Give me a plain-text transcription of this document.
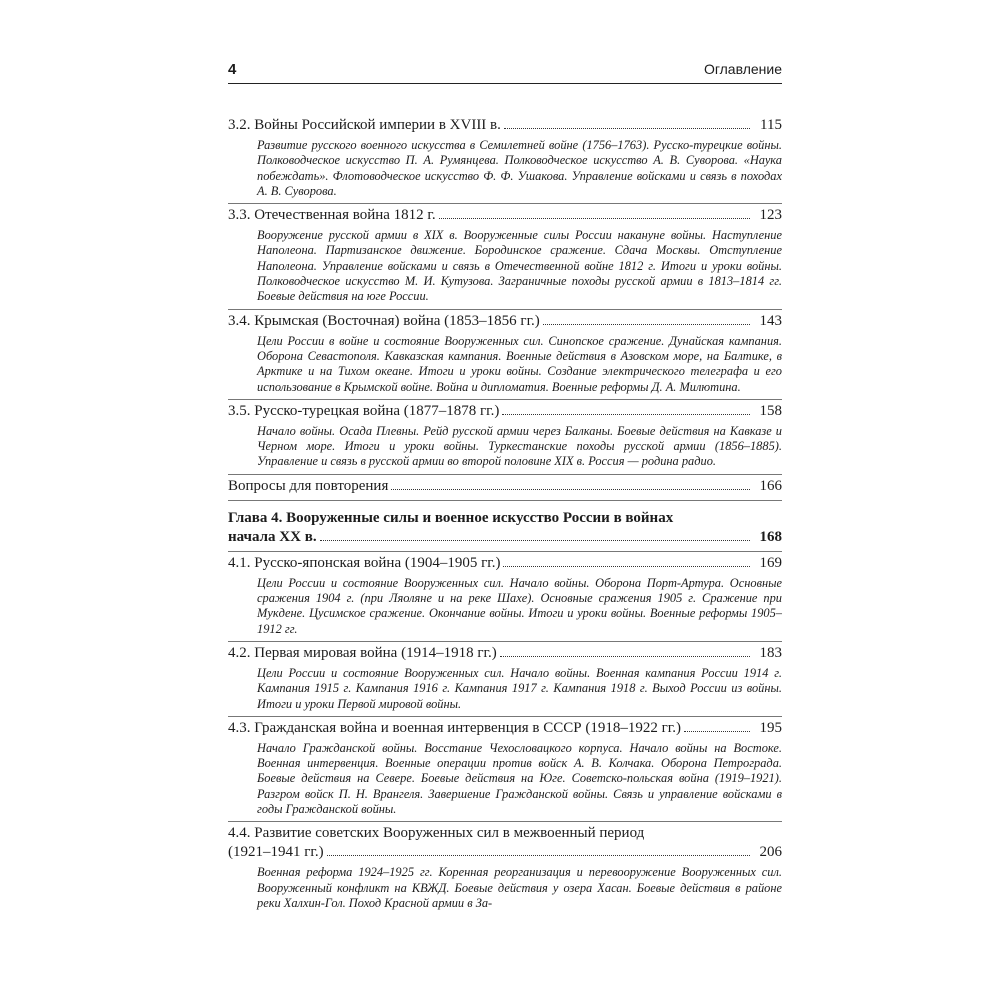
4	Оглавление
3.2. Войны Российской империи в XVIII в.	115
Развитие русского военного искусства в Семилетней войне (1756–1763). Русско-турецкие войны. Полководческое искусство П. А. Румянцева. Полководческое искусство А. В. Суворова. «Наука побеждать». Флотоводческое искусство Ф. Ф. Ушакова. Управление войсками и связь в походах А. В. Суворова.
3.3. Отечественная война 1812 г.	123
Вооружение русской армии в XIX в. Вооруженные силы России накануне войны. Наступление Наполеона. Партизанское движение. Бородинское сражение. Сдача Москвы. Отступление Наполеона. Управление войсками и связь в Отечественной войне 1812 г. Итоги и уроки войны. Полководческое искусство М. И. Кутузова. Заграничные походы русской армии в 1813–1814 гг. Боевые действия на юге России.
3.4. Крымская (Восточная) война (1853–1856 гг.)	143
Цели России в войне и состояние Вооруженных сил. Синопское сражение. Дунайская кампания. Оборона Севастополя. Кавказская кампания. Военные действия в Азовском море, на Балтике, в Арктике и на Тихом океане. Итоги и уроки войны. Создание электрического телеграфа и его использование в Крымской войне. Война и дипломатия. Военные реформы Д. А. Милютина.
3.5. Русско-турецкая война (1877–1878 гг.)	158
Начало войны. Осада Плевны. Рейд русской армии через Балканы. Боевые действия на Кавказе и Черном море. Итоги и уроки войны. Туркестанские походы русской армии (1856–1885). Управление и связь в русской армии во второй половине XIX в. Россия — родина радио.
Вопросы для повторения	166
Глава 4. Вооруженные силы и военное искусство России в войнах
начала XX в.	168
4.1. Русско-японская война (1904–1905 гг.)	169
Цели России и состояние Вооруженных сил. Начало войны. Оборона Порт-Артура. Основные сражения 1904 г. (при Ляоляне и на реке Шахе). Основные сражения 1905 г. Сражение при Мукдене. Цусимское сражение. Окончание войны. Итоги и уроки войны. Военные реформы 1905–1912 гг.
4.2. Первая мировая война (1914–1918 гг.)	183
Цели России и состояние Вооруженных сил. Начало войны. Военная кампания России 1914 г. Кампания 1915 г. Кампания 1916 г. Кампания 1917 г. Кампания 1918 г. Выход России из войны. Итоги и уроки Первой мировой войны.
4.3. Гражданская война и военная интервенция в СССР (1918–1922 гг.)	195
Начало Гражданской войны. Восстание Чехословацкого корпуса. Начало войны на Востоке. Военная интервенция. Военные операции против войск А. В. Колчака. Оборона Петрограда. Боевые действия на Севере. Боевые действия на Юге. Советско-польская война (1919–1921). Разгром войск П. Н. Врангеля. Завершение Гражданской войны. Связь и управление войсками в годы Гражданской войны.
4.4. Развитие советских Вооруженных сил в межвоенный период
(1921–1941 гг.)	206
Военная реформа 1924–1925 гг. Коренная реорганизация и перевооружение Вооруженных сил. Вооруженный конфликт на КВЖД. Боевые действия у озера Хасан. Боевые действия в районе реки Халхин-Гол. Поход Красной армии в За-
